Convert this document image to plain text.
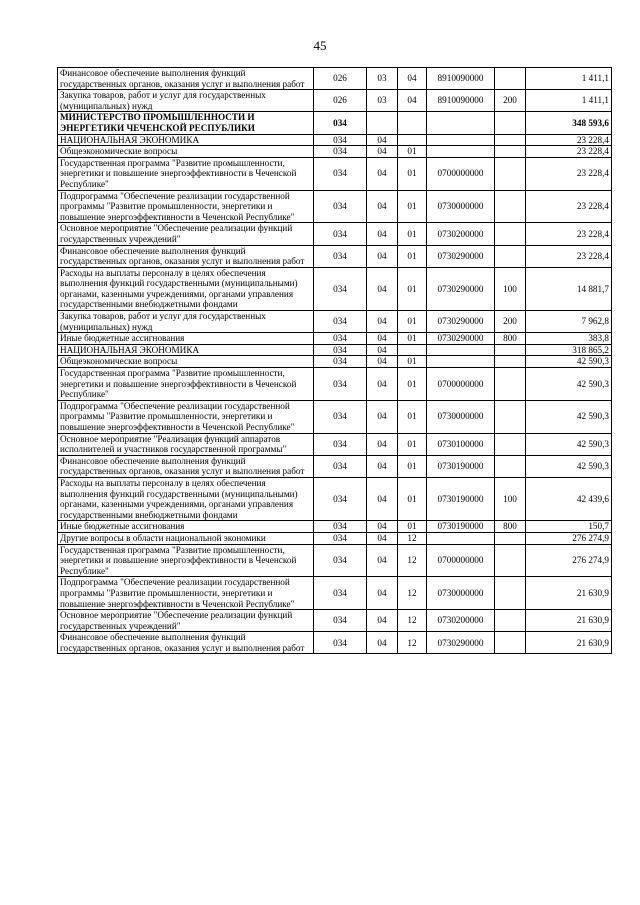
45
Финансовое обеспечение выполнения функций государственных органов, оказания услуг и выполнения работ	026	03	04	8910090000		1 411,1
Закупка товаров, работ и услуг для государственных (муниципальных) нужд	026	03	04	8910090000	200	1 411,1
МИНИСТЕРСТВО ПРОМЫШЛЕННОСТИ И ЭНЕРГЕТИКИ ЧЕЧЕНСКОЙ РЕСПУБЛИКИ	034					348 593,6
НАЦИОНАЛЬНАЯ ЭКОНОМИКА	034	04				23 228,4
Общеэкономические вопросы	034	04	01			23 228,4
Государственная программа "Развитие промышленности, энергетики и повышение энергоэффективности в Чеченской Республике"	034	04	01	0700000000		23 228,4
Подпрограмма "Обеспечение реализации государственной программы "Развитие промышленности, энергетики и повышение энергоэффективности в Чеченской Республике"	034	04	01	0730000000		23 228,4
Основное мероприятие "Обеспечение реализации функций государственных учреждений"	034	04	01	0730200000		23 228,4
Финансовое обеспечение выполнения функций государственных органов, оказания услуг и выполнения работ	034	04	01	0730290000		23 228,4
Расходы на выплаты персоналу в целях обеспечения выполнения функций государственными (муниципальными) органами, казенными учреждениями, органами управления государственными внебюджетными фондами	034	04	01	0730290000	100	14 881,7
Закупка товаров, работ и услуг для государственных (муниципальных) нужд	034	04	01	0730290000	200	7 962,8
Иные бюджетные ассигнования	034	04	01	0730290000	800	383,8
НАЦИОНАЛЬНАЯ ЭКОНОМИКА	034	04				318 865,2
Общеэкономические вопросы	034	04	01			42 590,3
Государственная программа "Развитие промышленности, энергетики и повышение энергоэффективности в Чеченской Республике"	034	04	01	0700000000		42 590,3
Подпрограмма "Обеспечение реализации государственной программы "Развитие промышленности, энергетики и повышение энергоэффективности в Чеченской Республике"	034	04	01	0730000000		42 590,3
Основное мероприятие "Реализация функций аппаратов исполнителей и участников государственной программы"	034	04	01	0730100000		42 590,3
Финансовое обеспечение выполнения функций государственных органов, оказания услуг и выполнения работ	034	04	01	0730190000		42 590,3
Расходы на выплаты персоналу в целях обеспечения выполнения функций государственными (муниципальными) органами, казенными учреждениями, органами управления государственными внебюджетными фондами	034	04	01	0730190000	100	42 439,6
Иные бюджетные ассигнования	034	04	01	0730190000	800	150,7
Другие вопросы в области национальной экономики	034	04	12			276 274,9
Государственная программа "Развитие промышленности, энергетики и повышение энергоэффективности в Чеченской Республике"	034	04	12	0700000000		276 274,9
Подпрограмма "Обеспечение реализации государственной программы "Развитие промышленности, энергетики и повышение энергоэффективности в Чеченской Республике"	034	04	12	0730000000		21 630,9
Основное мероприятие "Обеспечение реализации функций государственных учреждений"	034	04	12	0730200000		21 630,9
Финансовое обеспечение выполнения функций государственных органов, оказания услуг и выполнения работ	034	04	12	0730290000		21 630,9
